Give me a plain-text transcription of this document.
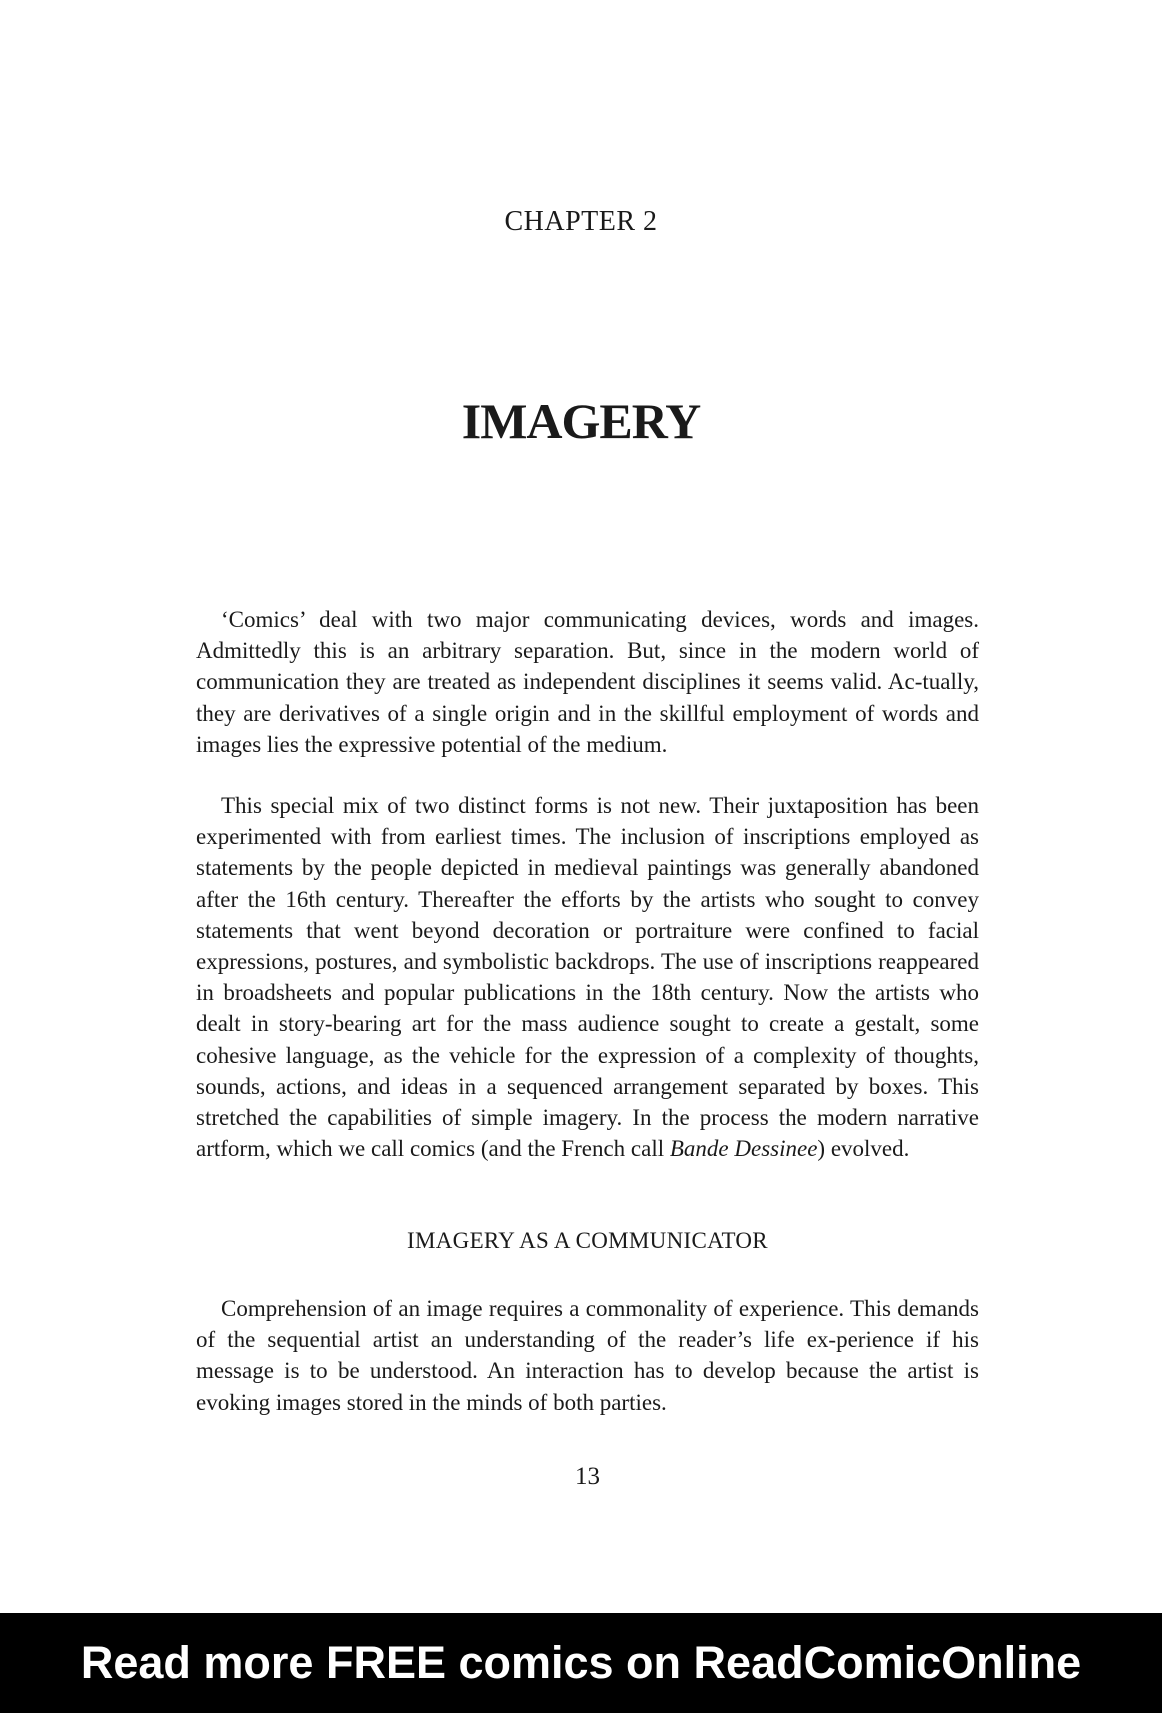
CHAPTER 2
IMAGERY

‘Comics’ deal with two major communicating devices, words and images. Admittedly this is an arbitrary separation. But, since in the modern world of communication they are treated as independent disciplines it seems valid. Ac-tually, they are derivatives of a single origin and in the skillful employment of words and images lies the expressive potential of the medium.

This special mix of two distinct forms is not new. Their juxtaposition has been experimented with from earliest times. The inclusion of inscriptions employed as statements by the people depicted in medieval paintings was generally abandoned after the 16th century. Thereafter the efforts by the artists who sought to convey statements that went beyond decoration or portraiture were confined to facial expressions, postures, and symbolistic backdrops. The use of inscriptions reappeared in broadsheets and popular publications in the 18th century. Now the artists who dealt in story-bearing art for the mass audience sought to create a gestalt, some cohesive language, as the vehicle for the expression of a complexity of thoughts, sounds, actions, and ideas in a sequenced arrangement separated by boxes. This stretched the capabilities of simple imagery. In the process the modern narrative artform, which we call comics (and the French call Bande Dessinee) evolved.

IMAGERY AS A COMMUNICATOR

Comprehension of an image requires a commonality of experience. This demands of the sequential artist an understanding of the reader’s life ex-perience if his message is to be understood. An interaction has to develop because the artist is evoking images stored in the minds of both parties.

13
Read more FREE comics on ReadComicOnline
